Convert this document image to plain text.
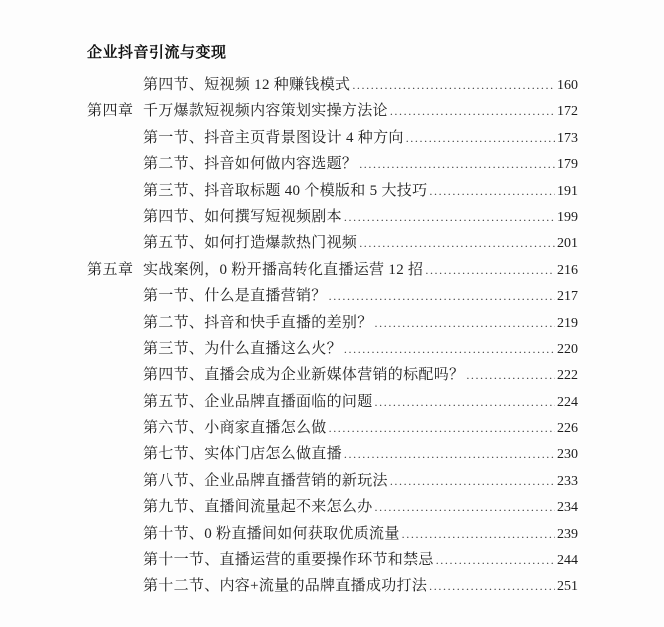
企业抖音引流与变现
第四节、短视频 12 种赚钱模式 .....	160
第四章 千万爆款短视频内容策划实操方法论 .....	172
第一节、抖音主页背景图设计 4 种方向 .....	173
第二节、抖音如何做内容选题？ .....	179
第三节、抖音取标题 40 个模版和 5 大技巧 .....	191
第四节、如何撰写短视频剧本 .....	199
第五节、如何打造爆款热门视频 .....	201
第五章 实战案例，0 粉开播高转化直播运营 12 招 .....	216
第一节、什么是直播营销？ .....	217
第二节、抖音和快手直播的差别？ .....	219
第三节、为什么直播这么火？ .....	220
第四节、直播会成为企业新媒体营销的标配吗？ .....	222
第五节、企业品牌直播面临的问题 .....	224
第六节、小商家直播怎么做 .....	226
第七节、实体门店怎么做直播 .....	230
第八节、企业品牌直播营销的新玩法 .....	233
第九节、直播间流量起不来怎么办 .....	234
第十节、0 粉直播间如何获取优质流量 .....	239
第十一节、直播运营的重要操作环节和禁忌 .....	244
第十二节、内容+流量的品牌直播成功打法 .....	251
